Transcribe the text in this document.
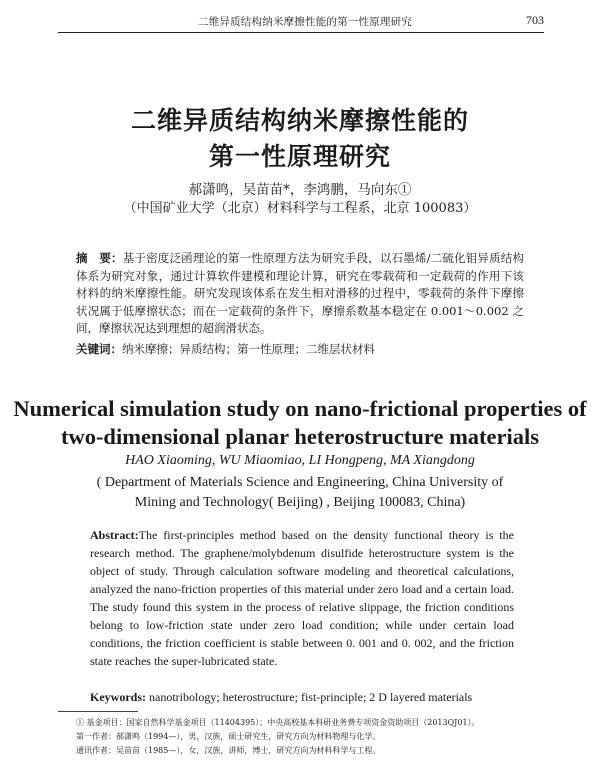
二维异质结构纳米摩擦性能的第一性原理研究	703
二维异质结构纳米摩擦性能的
第一性原理研究
郝潇鸣，吴苗苗*，李鸿鹏，马向东①
（中国矿业大学（北京）材料科学与工程系，北京 100083）
摘　要：基于密度泛函理论的第一性原理方法为研究手段，以石墨烯/二硫化钼异质结构体系为研究对象，通过计算软件建模和理论计算，研究在零载荷和一定载荷的作用下该材料的纳米摩擦性能。研究发现该体系在发生相对滑移的过程中，零载荷的条件下摩擦状况属于低摩擦状态；而在一定载荷的条件下，摩擦系数基本稳定在 0.001～0.002 之间，摩擦状况达到理想的超润滑状态。
关键词：纳米摩擦；异质结构；第一性原理；二维层状材料
Numerical simulation study on nano-frictional properties of
two-dimensional planar heterostructure materials
HAO Xiaoming, WU Miaomiao, LI Hongpeng, MA Xiangdong
( Department of Materials Science and Engineering, China University of
Mining and Technology( Beijing) , Beijing 100083, China)
Abstract:The first-principles method based on the density functional theory is the research method. The graphene/molybdenum disulfide heterostructure system is the object of study. Through calculation software modeling and theoretical calculations, analyzed the nano-friction properties of this material under zero load and a certain load. The study found this system in the process of relative slippage, the friction conditions belong to low-friction state under zero load condition; while under certain load conditions, the friction coefficient is stable between 0. 001 and 0. 002, and the friction state reaches the super-lubricated state.
Keywords: nanotribology; heterostructure; fist-principle; 2 D layered materials
① 基金项目：国家自然科学基金项目（11404395）；中央高校基本科研业务费专项资金资助项目（2013QJ01）。
第一作者：郝潇鸣（1994—），男，汉族，硕士研究生，研究方向为材料物理与化学。
通讯作者：吴苗苗（1985—），女，汉族，讲师，博士，研究方向为材料科学与工程。
